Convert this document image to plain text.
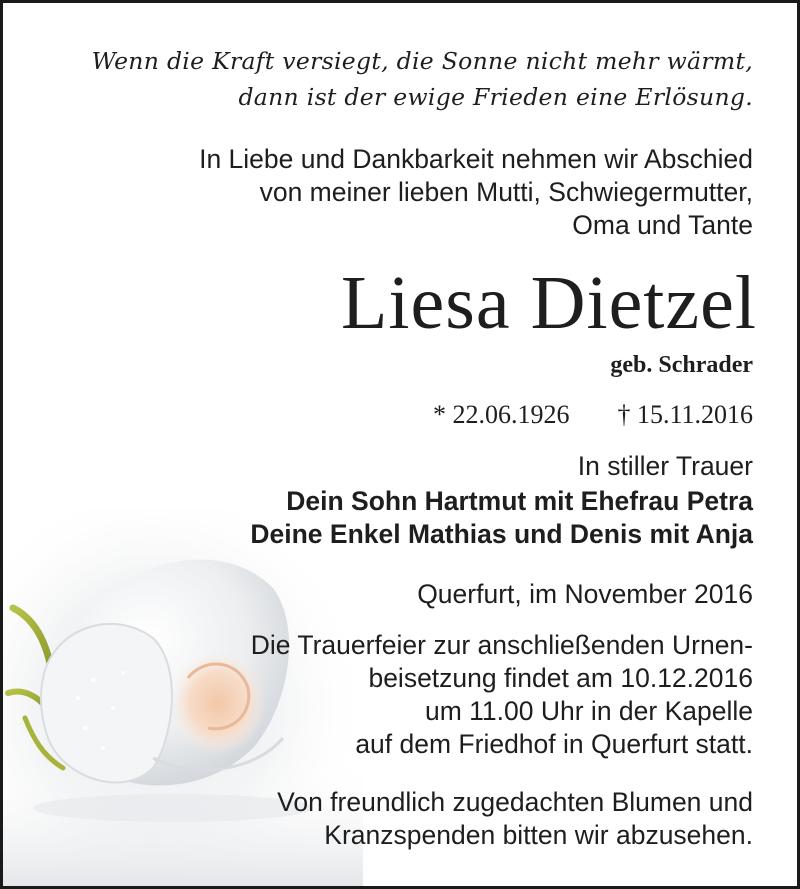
Wenn die Kraft versiegt, die Sonne nicht mehr wärmt,
dann ist der ewige Frieden eine Erlösung.
In Liebe und Dankbarkeit nehmen wir Abschied
von meiner lieben Mutti, Schwiegermutter,
Oma und Tante
Liesa Dietzel
geb. Schrader
* 22.06.1926 † 15.11.2016
In stiller Trauer
Dein Sohn Hartmut mit Ehefrau Petra
Deine Enkel Mathias und Denis mit Anja
Querfurt, im November 2016
Die Trauerfeier zur anschließenden Urnen-
beisetzung findet am 10.12.2016
um 11.00 Uhr in der Kapelle
auf dem Friedhof in Querfurt statt.
Von freundlich zugedachten Blumen und
Kranzspenden bitten wir abzusehen.
